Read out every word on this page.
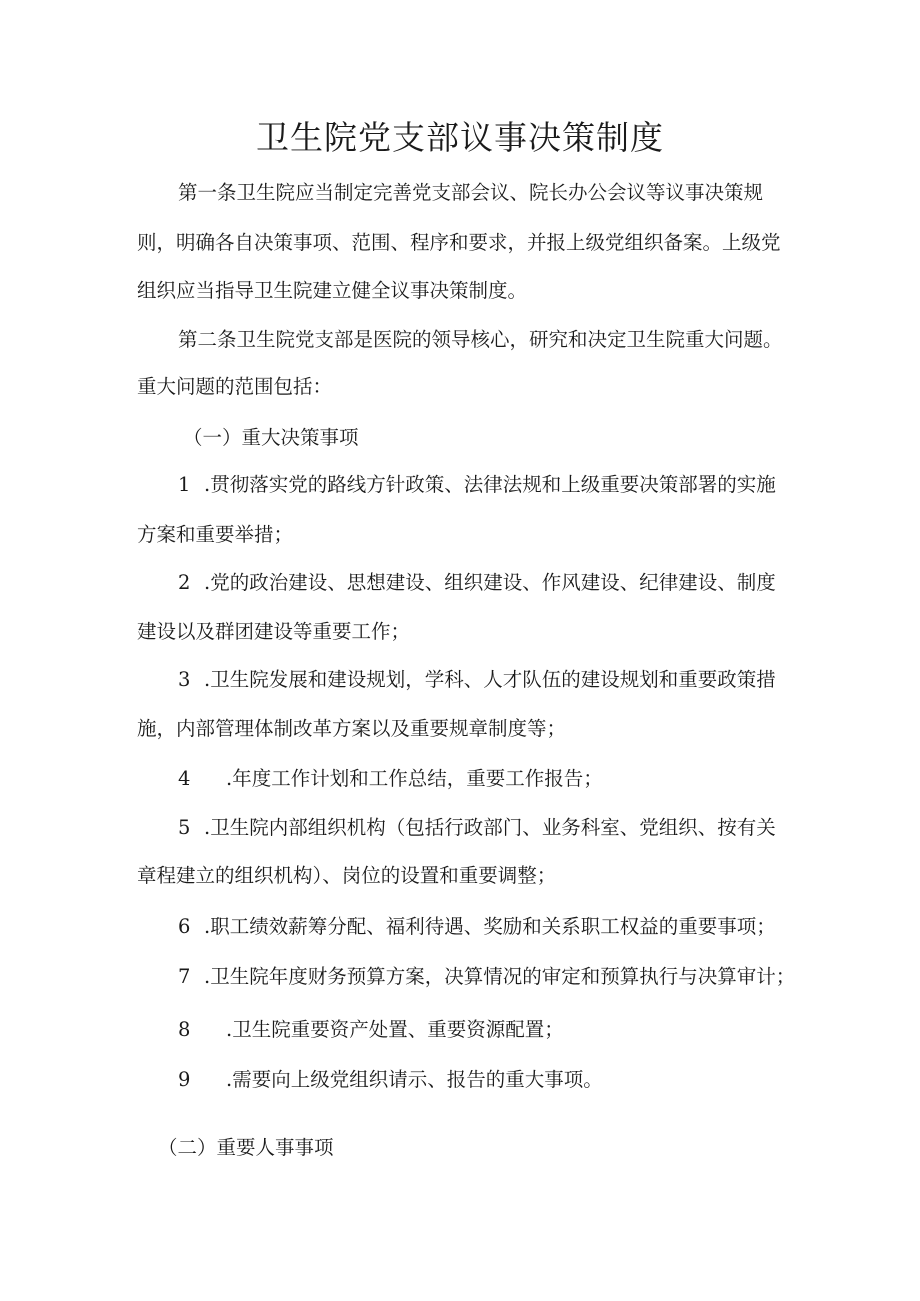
卫生院党支部议事决策制度
第一条卫生院应当制定完善党支部会议、院长办公会议等议事决策规
则，明确各自决策事项、范围、程序和要求，并报上级党组织备案。上级党
组织应当指导卫生院建立健全议事决策制度。
第二条卫生院党支部是医院的领导核心，研究和决定卫生院重大问题。
重大问题的范围包括：
（一）重大决策事项
1 .贯彻落实党的路线方针政策、法律法规和上级重要决策部署的实施
方案和重要举措；
2 .党的政治建设、思想建设、组织建设、作风建设、纪律建设、制度
建设以及群团建设等重要工作；
3 .卫生院发展和建设规划，学科、人才队伍的建设规划和重要政策措
施，内部管理体制改革方案以及重要规章制度等；
4 .年度工作计划和工作总结，重要工作报告；
5 .卫生院内部组织机构（包括行政部门、业务科室、党组织、按有关
章程建立的组织机构）、岗位的设置和重要调整；
6 .职工绩效薪筹分配、福利待遇、奖励和关系职工权益的重要事项；
7 .卫生院年度财务预算方案，决算情况的审定和预算执行与决算审计；
8 .卫生院重要资产处置、重要资源配置；
9 .需要向上级党组织请示、报告的重大事项。
（二）重要人事事项
